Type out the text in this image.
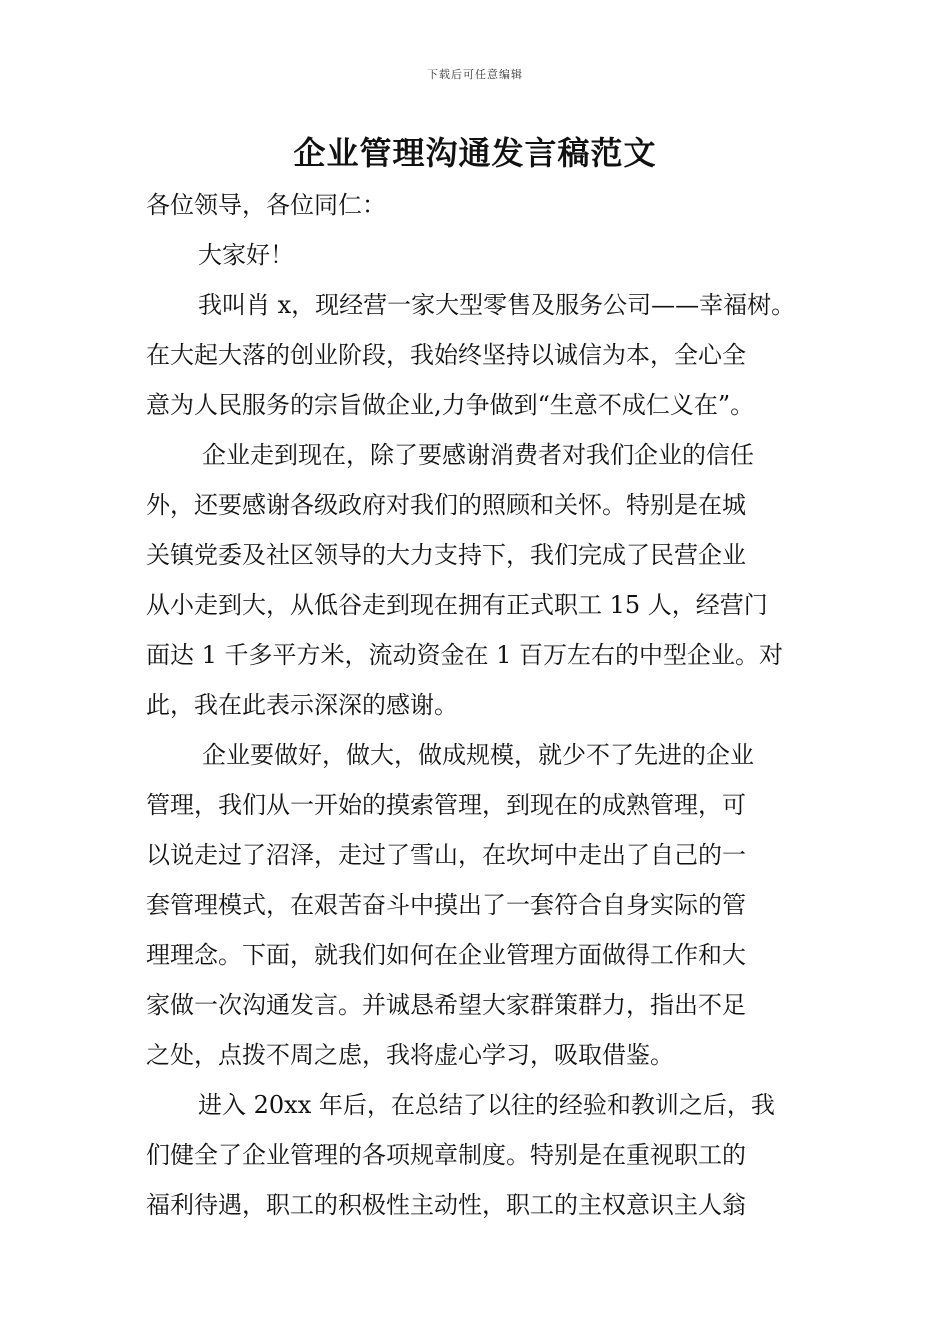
下载后可任意编辑
企业管理沟通发言稿范文
各位领导，各位同仁：
大家好！
我叫肖 x，现经营一家大型零售及服务公司——幸福树。
在大起大落的创业阶段，我始终坚持以诚信为本，全心全
意为人民服务的宗旨做企业,力争做到“生意不成仁义在”。
企业走到现在，除了要感谢消费者对我们企业的信任
外，还要感谢各级政府对我们的照顾和关怀。特别是在城
关镇党委及社区领导的大力支持下，我们完成了民营企业
从小走到大，从低谷走到现在拥有正式职工 15 人，经营门
面达 1 千多平方米，流动资金在 1 百万左右的中型企业。对
此，我在此表示深深的感谢。
企业要做好，做大，做成规模，就少不了先进的企业
管理，我们从一开始的摸索管理，到现在的成熟管理，可
以说走过了沼泽，走过了雪山，在坎坷中走出了自己的一
套管理模式，在艰苦奋斗中摸出了一套符合自身实际的管
理理念。下面，就我们如何在企业管理方面做得工作和大
家做一次沟通发言。并诚恳希望大家群策群力，指出不足
之处，点拨不周之虑，我将虚心学习，吸取借鉴。
进入 20xx 年后，在总结了以往的经验和教训之后，我
们健全了企业管理的各项规章制度。特别是在重视职工的
福利待遇，职工的积极性主动性，职工的主权意识主人翁
